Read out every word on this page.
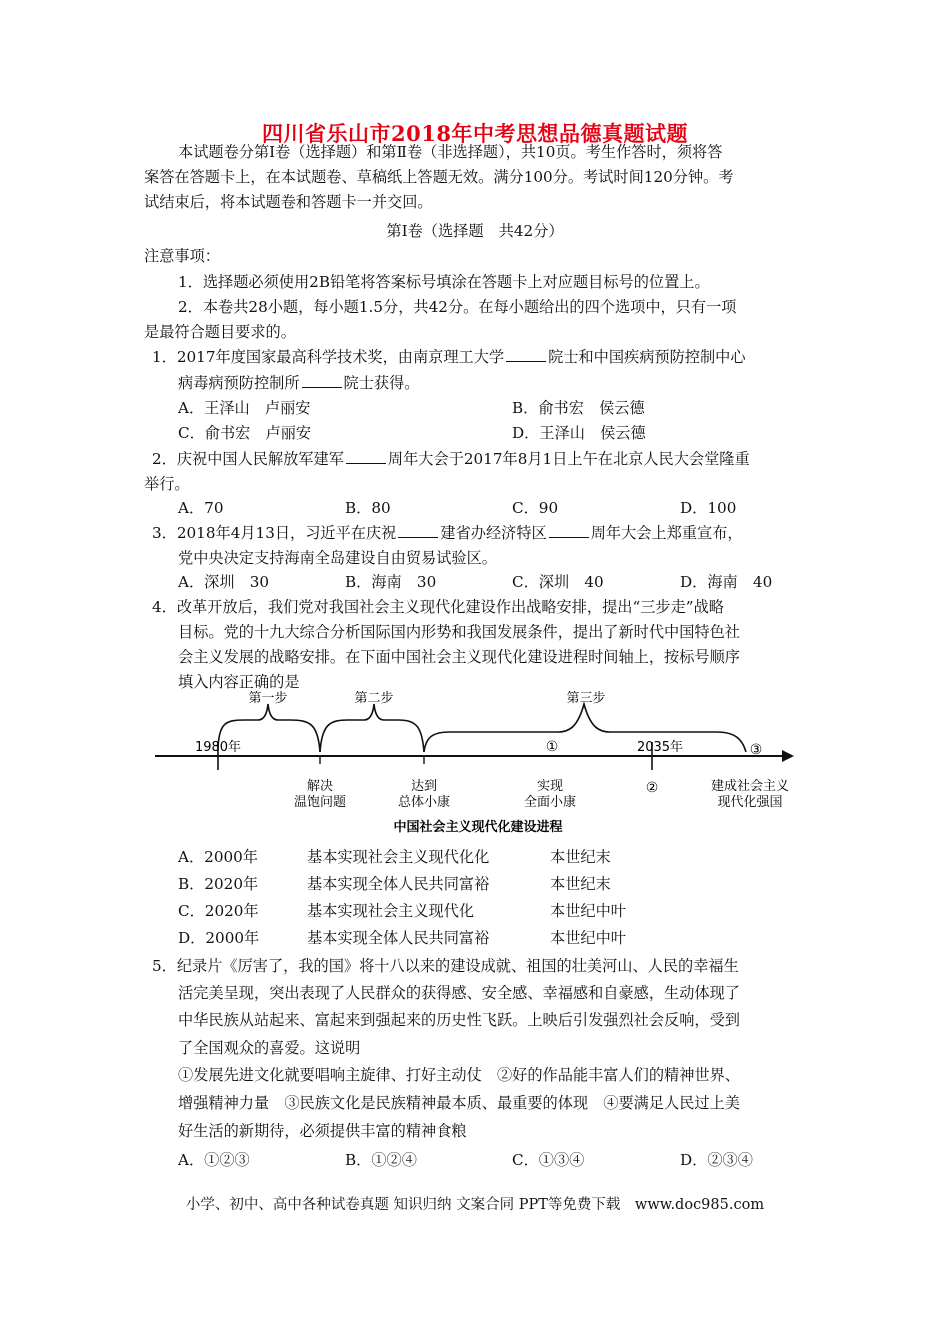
四川省乐山市2018年中考思想品德真题试题
本试题卷分第Ⅰ卷（选择题）和第Ⅱ卷（非选择题），共10页。考生作答时，须将答
案答在答题卡上，在本试题卷、草稿纸上答题无效。满分100分。考试时间120分钟。考
试结束后，将本试题卷和答题卡一并交回。
第Ⅰ卷（选择题　共42分）
注意事项：
1．选择题必须使用2B铅笔将答案标号填涂在答题卡上对应题目标号的位置上。
2．本卷共28小题，每小题1.5分，共42分。在每小题给出的四个选项中，只有一项
是最符合题目要求的。
1．2017年度国家最高科学技术奖，由南京理工大学	院士和中国疾病预防控制中心
病毒病预防控制所	院士获得。
A．王泽山　卢丽安	B．俞书宏　侯云德
C．俞书宏　卢丽安	D．王泽山　侯云德
2．庆祝中国人民解放军建军	周年大会于2017年8月1日上午在北京人民大会堂隆重
举行。
A．70	B．80	C．90	D．100
3．2018年4月13日，习近平在庆祝	建省办经济特区	周年大会上郑重宣布，
党中央决定支持海南全岛建设自由贸易试验区。
A．深圳　30	B．海南　30	C．深圳　40	D．海南　40
4．改革开放后，我们党对我国社会主义现代化建设作出战略安排，提出“三步走”战略
目标。党的十九大综合分析国际国内形势和我国发展条件，提出了新时代中国特色社
会主义发展的战略安排。在下面中国社会主义现代化建设进程时间轴上，按标号顺序
填入内容正确的是
第一步	第二步	第三步
1980年	2035年
①	③
解决
温饱问题
达到
总体小康
实现
全面小康
②	建成社会主义
现代化强国
中国社会主义现代化建设进程
A．2000年	基本实现社会主义现代化化	本世纪末
B．2020年	基本实现全体人民共同富裕	本世纪末
C．2020年	基本实现社会主义现代化	本世纪中叶
D．2000年	基本实现全体人民共同富裕	本世纪中叶
5．纪录片《厉害了，我的国》将十八以来的建设成就、祖国的壮美河山、人民的幸福生
活完美呈现，突出表现了人民群众的获得感、安全感、幸福感和自豪感，生动体现了
中华民族从站起来、富起来到强起来的历史性飞跃。上映后引发强烈社会反响，受到
了全国观众的喜爱。这说明
①发展先进文化就要唱响主旋律、打好主动仗　②好的作品能丰富人们的精神世界、
增强精神力量　③民族文化是民族精神最本质、最重要的体现　④要满足人民过上美
好生活的新期待，必须提供丰富的精神食粮
A．①②③	B．①②④	C．①③④	D．②③④
小学、初中、高中各种试卷真题 知识归纳 文案合同 PPT等免费下载　www.doc985.com
